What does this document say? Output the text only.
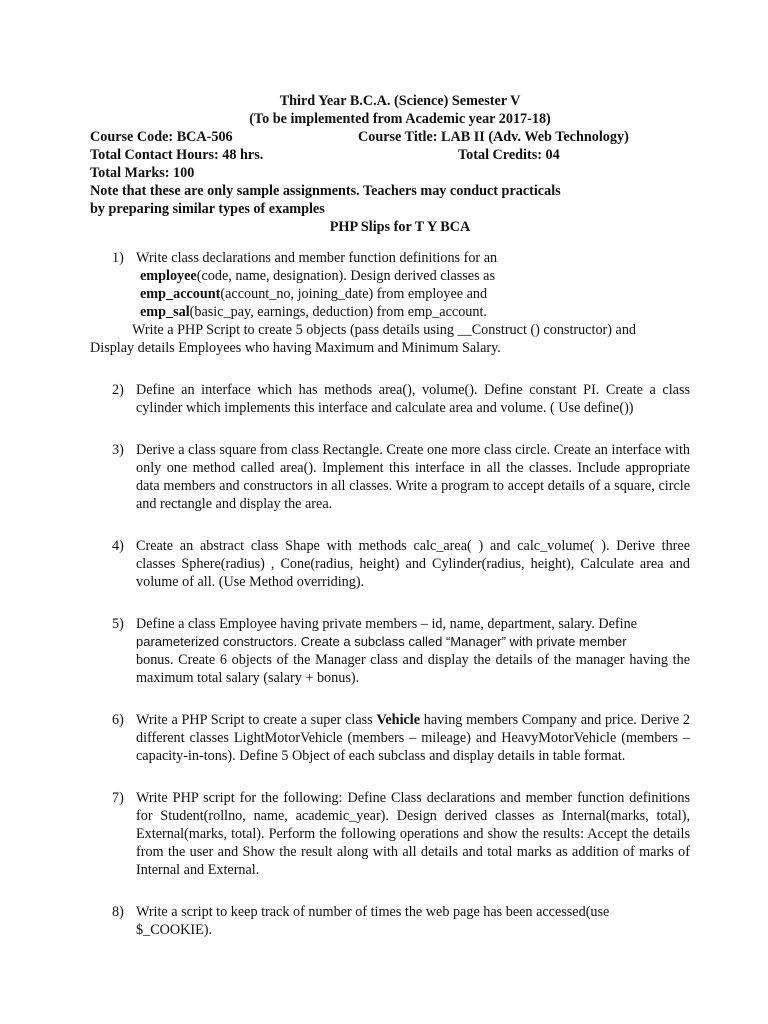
Third Year B.C.A. (Science) Semester V
(To be implemented from Academic year 2017-18)
Course Code: BCA-506	Course Title: LAB II (Adv. Web Technology)
Total Contact Hours: 48 hrs.	Total Credits: 04
Total Marks: 100
Note that these are only sample assignments. Teachers may conduct practicals
by preparing similar types of examples
PHP Slips for T Y BCA
1) Write class declarations and member function definitions for an
employee(code, name, designation). Design derived classes as
emp_account(account_no, joining_date) from employee and
emp_sal(basic_pay, earnings, deduction) from emp_account.
Write a PHP Script to create 5 objects (pass details using __Construct () constructor) and
Display details Employees who having Maximum and Minimum Salary.
2) Define an interface which has methods area(), volume(). Define constant PI. Create a class cylinder which implements this interface and calculate area and volume. ( Use define())
3) Derive a class square from class Rectangle. Create one more class circle. Create an interface with only one method called area(). Implement this interface in all the classes. Include appropriate data members and constructors in all classes. Write a program to accept details of a square, circle and rectangle and display the area.
4) Create an abstract class Shape with methods calc_area( ) and calc_volume( ). Derive three classes Sphere(radius) , Cone(radius, height) and Cylinder(radius, height), Calculate area and volume of all. (Use Method overriding).
5) Define a class Employee having private members – id, name, department, salary. Define
parameterized constructors. Create a subclass called “Manager” with private member
bonus. Create 6 objects of the Manager class and display the details of the manager having the maximum total salary (salary + bonus).
6) Write a PHP Script to create a super class Vehicle having members Company and price. Derive 2 different classes LightMotorVehicle (members – mileage) and HeavyMotorVehicle (members – capacity-in-tons). Define 5 Object of each subclass and display details in table format.
7) Write PHP script for the following: Define Class declarations and member function definitions for Student(rollno, name, academic_year). Design derived classes as Internal(marks, total), External(marks, total). Perform the following operations and show the results: Accept the details from the user and Show the result along with all details and total marks as addition of marks of Internal and External.
8) Write a script to keep track of number of times the web page has been accessed(use
$_COOKIE).
